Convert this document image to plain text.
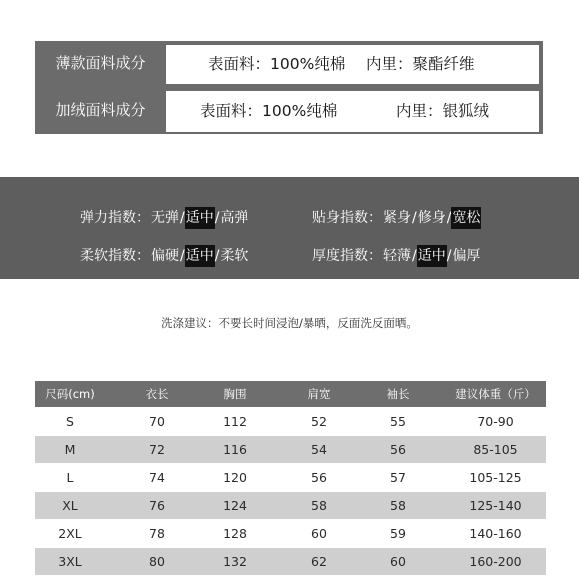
薄款面料成分	表面料：100%纯棉 内里：聚酯纤维
加绒面料成分	表面料：100%纯棉	内里：银狐绒
弹力指数：无弹/适中/高弹	贴身指数：紧身/修身/宽松
柔软指数：偏硬/适中/柔软	厚度指数：轻薄/适中/偏厚
洗涤建议：不要长时间浸泡/暴晒，反面洗反面晒。
尺码(cm)	衣长	胸围	肩宽	袖长	建议体重（斤）
S	70	112	52	55	70-90
M	72	116	54	56	85-105
L	74	120	56	57	105-125
XL	76	124	58	58	125-140
2XL	78	128	60	59	140-160
3XL	80	132	62	60	160-200
